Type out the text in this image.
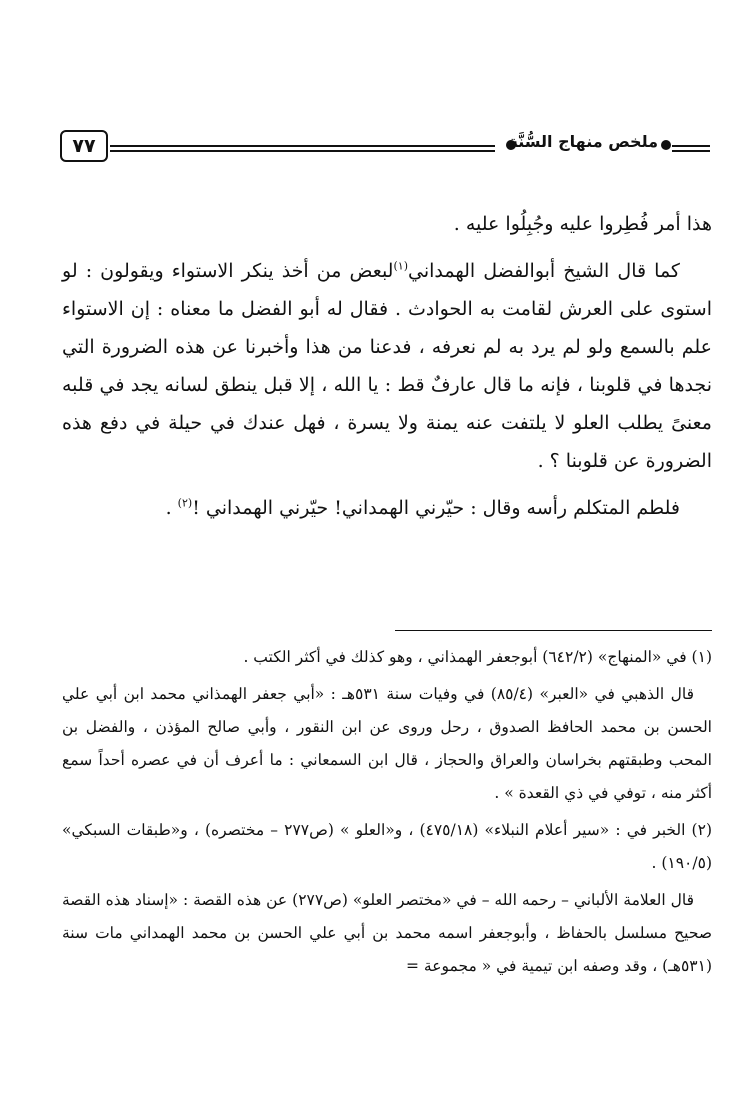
٧٧	ملخص منهاج السُّنَّة

هذا أمر فُطِروا عليه وجُبِلُوا عليه .

كما قال الشيخ أبوالفضل الهمداني$^{(١)}$لبعض من أخذ ينكر الاستواء ويقولون : لو استوى على العرش لقامت به الحوادث . فقال له أبو الفضل ما معناه : إن الاستواء علم بالسمع ولو لم يرد به لم نعرفه ، فدعنا من هذا وأخبرنا عن هذه الضرورة التي نجدها في قلوبنا ، فإنه ما قال عارفٌ قط : يا الله ، إلا قبل ينطق لسانه يجد في قلبه معنىً يطلب العلو لا يلتفت عنه يمنة ولا يسرة ، فهل عندك في حيلة في دفع هذه الضرورة عن قلوبنا ؟ .

فلطم المتكلم رأسه وقال : حيّرني الهمداني! حيّرني الهمداني !$^{(٢)}$ .

(١) في «المنهاج» (٦٤٢/٢) أبوجعفر الهمذاني ، وهو كذلك في أكثر الكتب .

قال الذهبي في «العبر» (٨٥/٤) في وفيات سنة ٥٣١هـ : «أبي جعفر الهمذاني محمد ابن أبي علي الحسن بن محمد الحافظ الصدوق ، رحل وروى عن ابن النقور ، وأبي صالح المؤذن ، والفضل بن المحب وطبقتهم بخراسان والعراق والحجاز ، قال ابن السمعاني : ما أعرف أن في عصره أحداً سمع أكثر منه ، توفي في ذي القعدة » .

(٢) الخبر في : «سير أعلام النبلاء» (٤٧٥/١٨) ، و«العلو » (ص٢٧٧ – مختصره) ، و«طبقات السبكي» (١٩٠/٥) .

قال العلامة الألباني – رحمه الله – في «مختصر العلو» (ص٢٧٧) عن هذه القصة : «إسناد هذه القصة صحيح مسلسل بالحفاظ ، وأبوجعفر اسمه محمد بن أبي علي الحسن بن محمد الهمداني مات سنة (٥٣١هـ) ، وقد وصفه ابن تيمية في « مجموعة =
